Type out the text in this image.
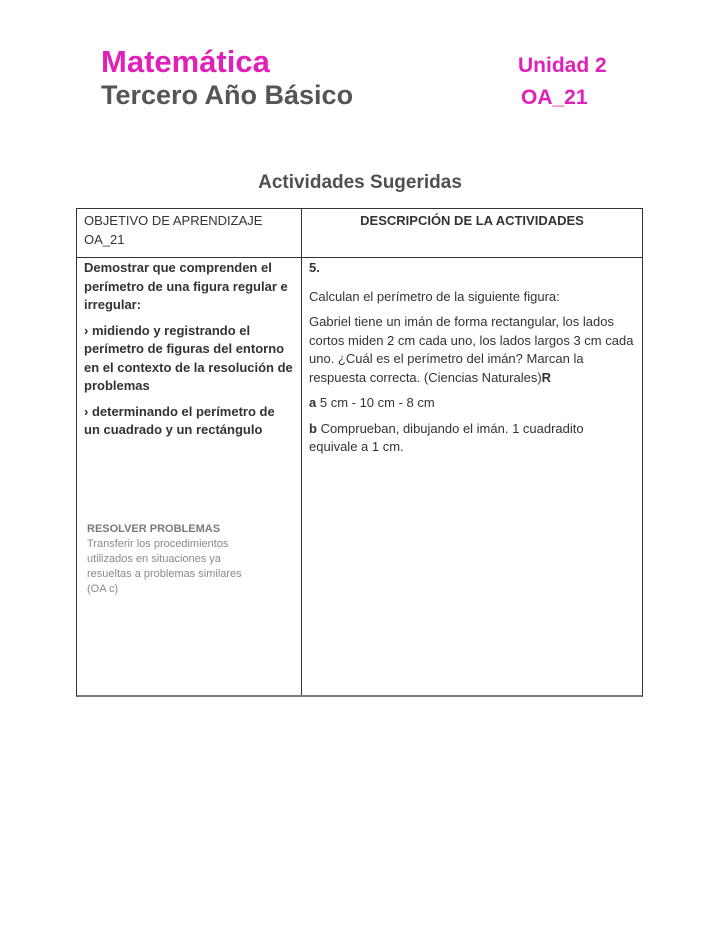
Matemática
Tercero Año Básico
Unidad 2
OA_21
Actividades Sugeridas
OBJETIVO DE APRENDIZAJE
OA_21
DESCRIPCIÓN DE LA ACTIVIDADES

Demostrar que comprenden el perímetro de una figura regular e irregular:

› midiendo y registrando el perímetro de figuras del entorno en el contexto de la resolución de problemas

› determinando el perímetro de un cuadrado y un rectángulo

RESOLVER PROBLEMAS
Transferir los procedimientos
utilizados en situaciones ya
resueltas a problemas similares
(OA c)

5.

Calculan el perímetro de la siguiente figura:

Gabriel tiene un imán de forma rectangular, los lados cortos miden 2 cm cada uno, los lados largos 3 cm cada uno. ¿Cuál es el perímetro del imán? Marcan la respuesta correcta. (Ciencias Naturales)R

a 5 cm - 10 cm - 8 cm

b Comprueban, dibujando el imán. 1 cuadradito equivale a 1 cm.
